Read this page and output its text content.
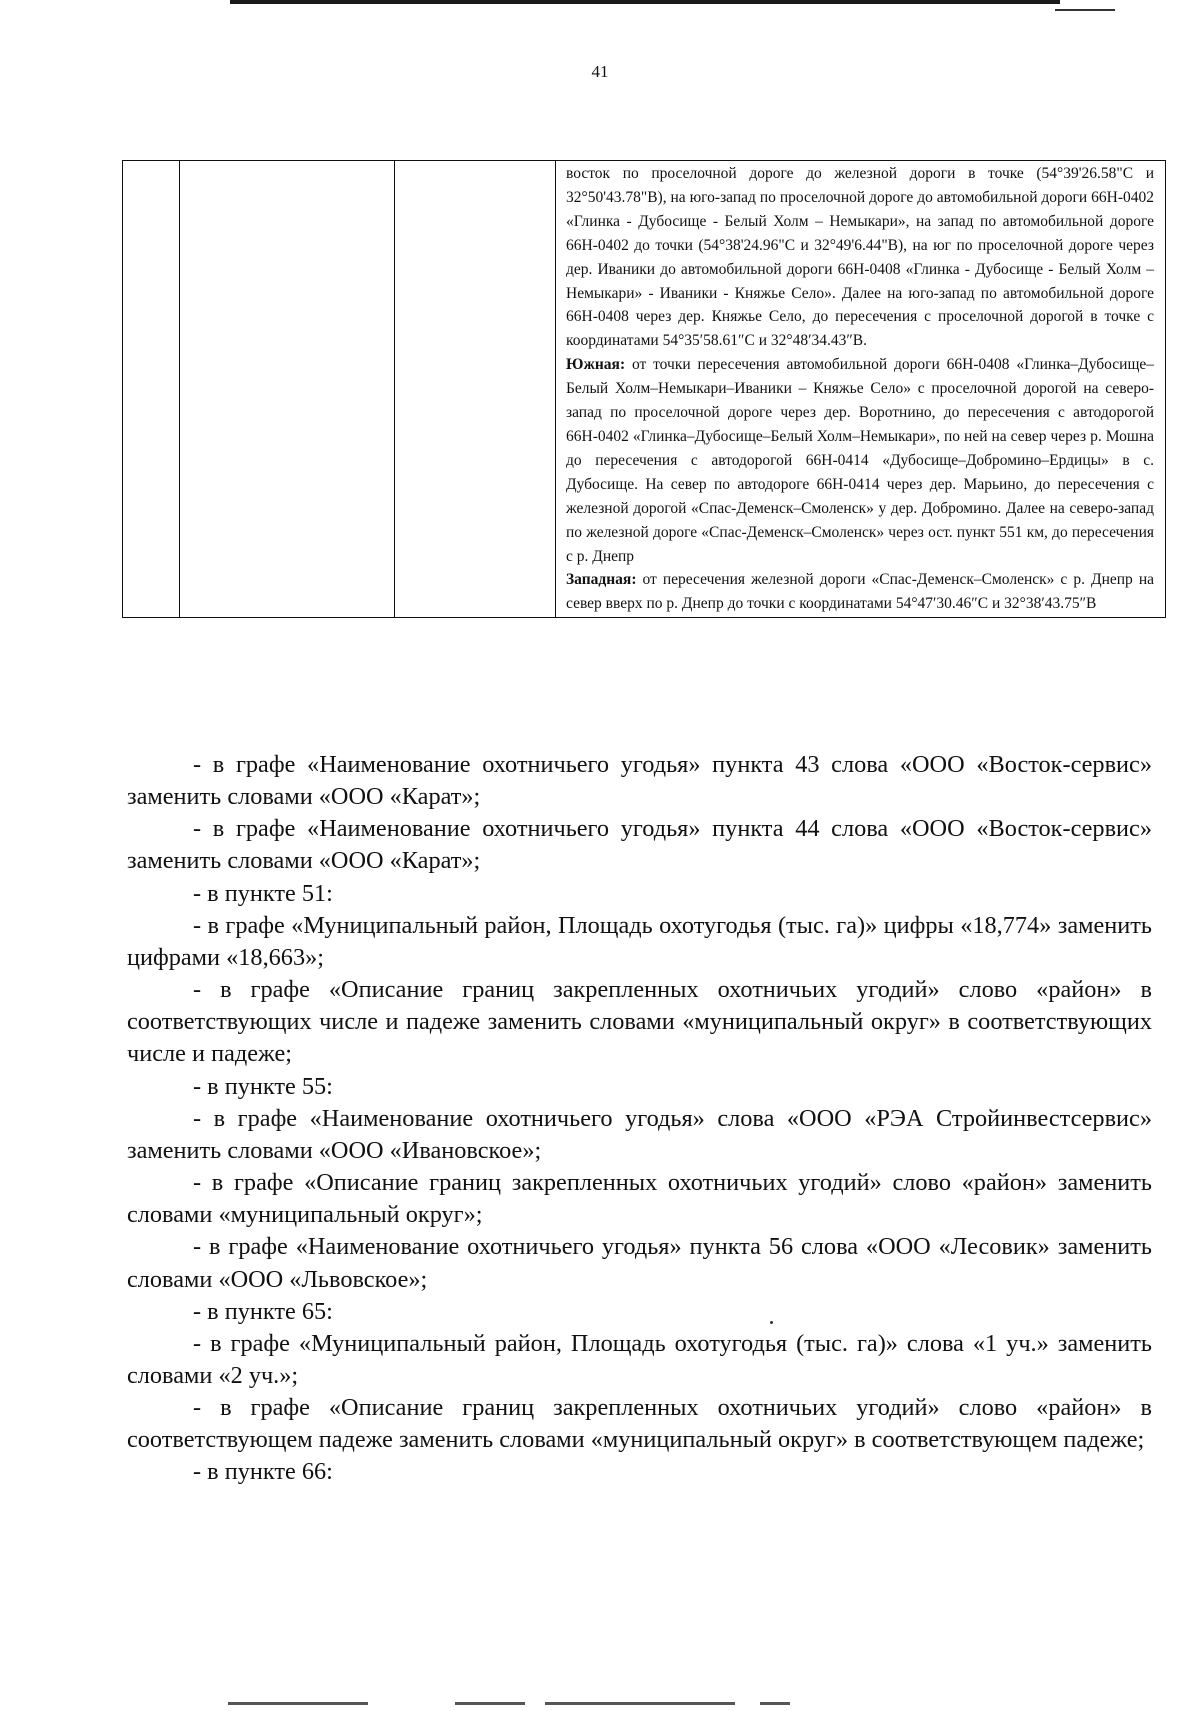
41

восток по проселочной дороге до железной дороги в точке (54°39'26.58"С и 32°50'43.78"В), на юго-запад по проселочной дороге до автомобильной дороги 66Н-0402 «Глинка - Дубосище - Белый Холм – Немыкари», на запад по автомобильной дороге 66Н-0402 до точки (54°38'24.96"С и 32°49'6.44"В), на юг по проселочной дороге через дер. Иваники до автомобильной дороги 66Н-0408 «Глинка - Дубосище - Белый Холм – Немыкари» - Иваники - Княжье Село». Далее на юго-запад по автомобильной дороге 66Н-0408 через дер. Княжье Село, до пересечения с проселочной дорогой в точке с координатами 54°35′58.61″С и 32°48′34.43″В.

Южная: от точки пересечения автомобильной дороги 66Н-0408 «Глинка–Дубосище–Белый Холм–Немыкари–Иваники – Княжье Село» с проселочной дорогой на северо-запад по проселочной дороге через дер. Воротнино, до пересечения с автодорогой 66Н-0402 «Глинка–Дубосище–Белый Холм–Немыкари», по ней на север через р. Мошна до пересечения с автодорогой 66Н-0414 «Дубосище–Добромино–Ердицы» в с. Дубосище. На север по автодороге 66Н-0414 через дер. Марьино, до пересечения с железной дорогой «Спас-Деменск–Смоленск» у дер. Добромино. Далее на северо-запад по железной дороге «Спас-Деменск–Смоленск» через ост. пункт 551 км, до пересечения с р. Днепр

Западная: от пересечения железной дороги «Спас-Деменск–Смоленск» с р. Днепр на север вверх по р. Днепр до точки с координатами 54°47′30.46″С и 32°38′43.75″В

- в графе «Наименование охотничьего угодья» пункта 43 слова «ООО «Восток-сервис» заменить словами «ООО «Карат»;

- в графе «Наименование охотничьего угодья» пункта 44 слова «ООО «Восток-сервис» заменить словами «ООО «Карат»;

- в пункте 51:

- в графе «Муниципальный район, Площадь охотугодья (тыс. га)» цифры «18,774» заменить цифрами «18,663»;

- в графе «Описание границ закрепленных охотничьих угодий» слово «район» в соответствующих числе и падеже заменить словами «муниципальный округ» в соответствующих числе и падеже;

- в пункте 55:

- в графе «Наименование охотничьего угодья» слова «ООО «РЭА Стройинвестсервис» заменить словами «ООО «Ивановское»;

- в графе «Описание границ закрепленных охотничьих угодий» слово «район» заменить словами «муниципальный округ»;

- в графе «Наименование охотничьего угодья» пункта 56 слова «ООО «Лесовик» заменить словами «ООО «Львовское»;

- в пункте 65:

- в графе «Муниципальный район, Площадь охотугодья (тыс. га)» слова «1 уч.» заменить словами «2 уч.»;

- в графе «Описание границ закрепленных охотничьих угодий» слово «район» в соответствующем падеже заменить словами «муниципальный округ» в соответствующем падеже;

- в пункте 66:
